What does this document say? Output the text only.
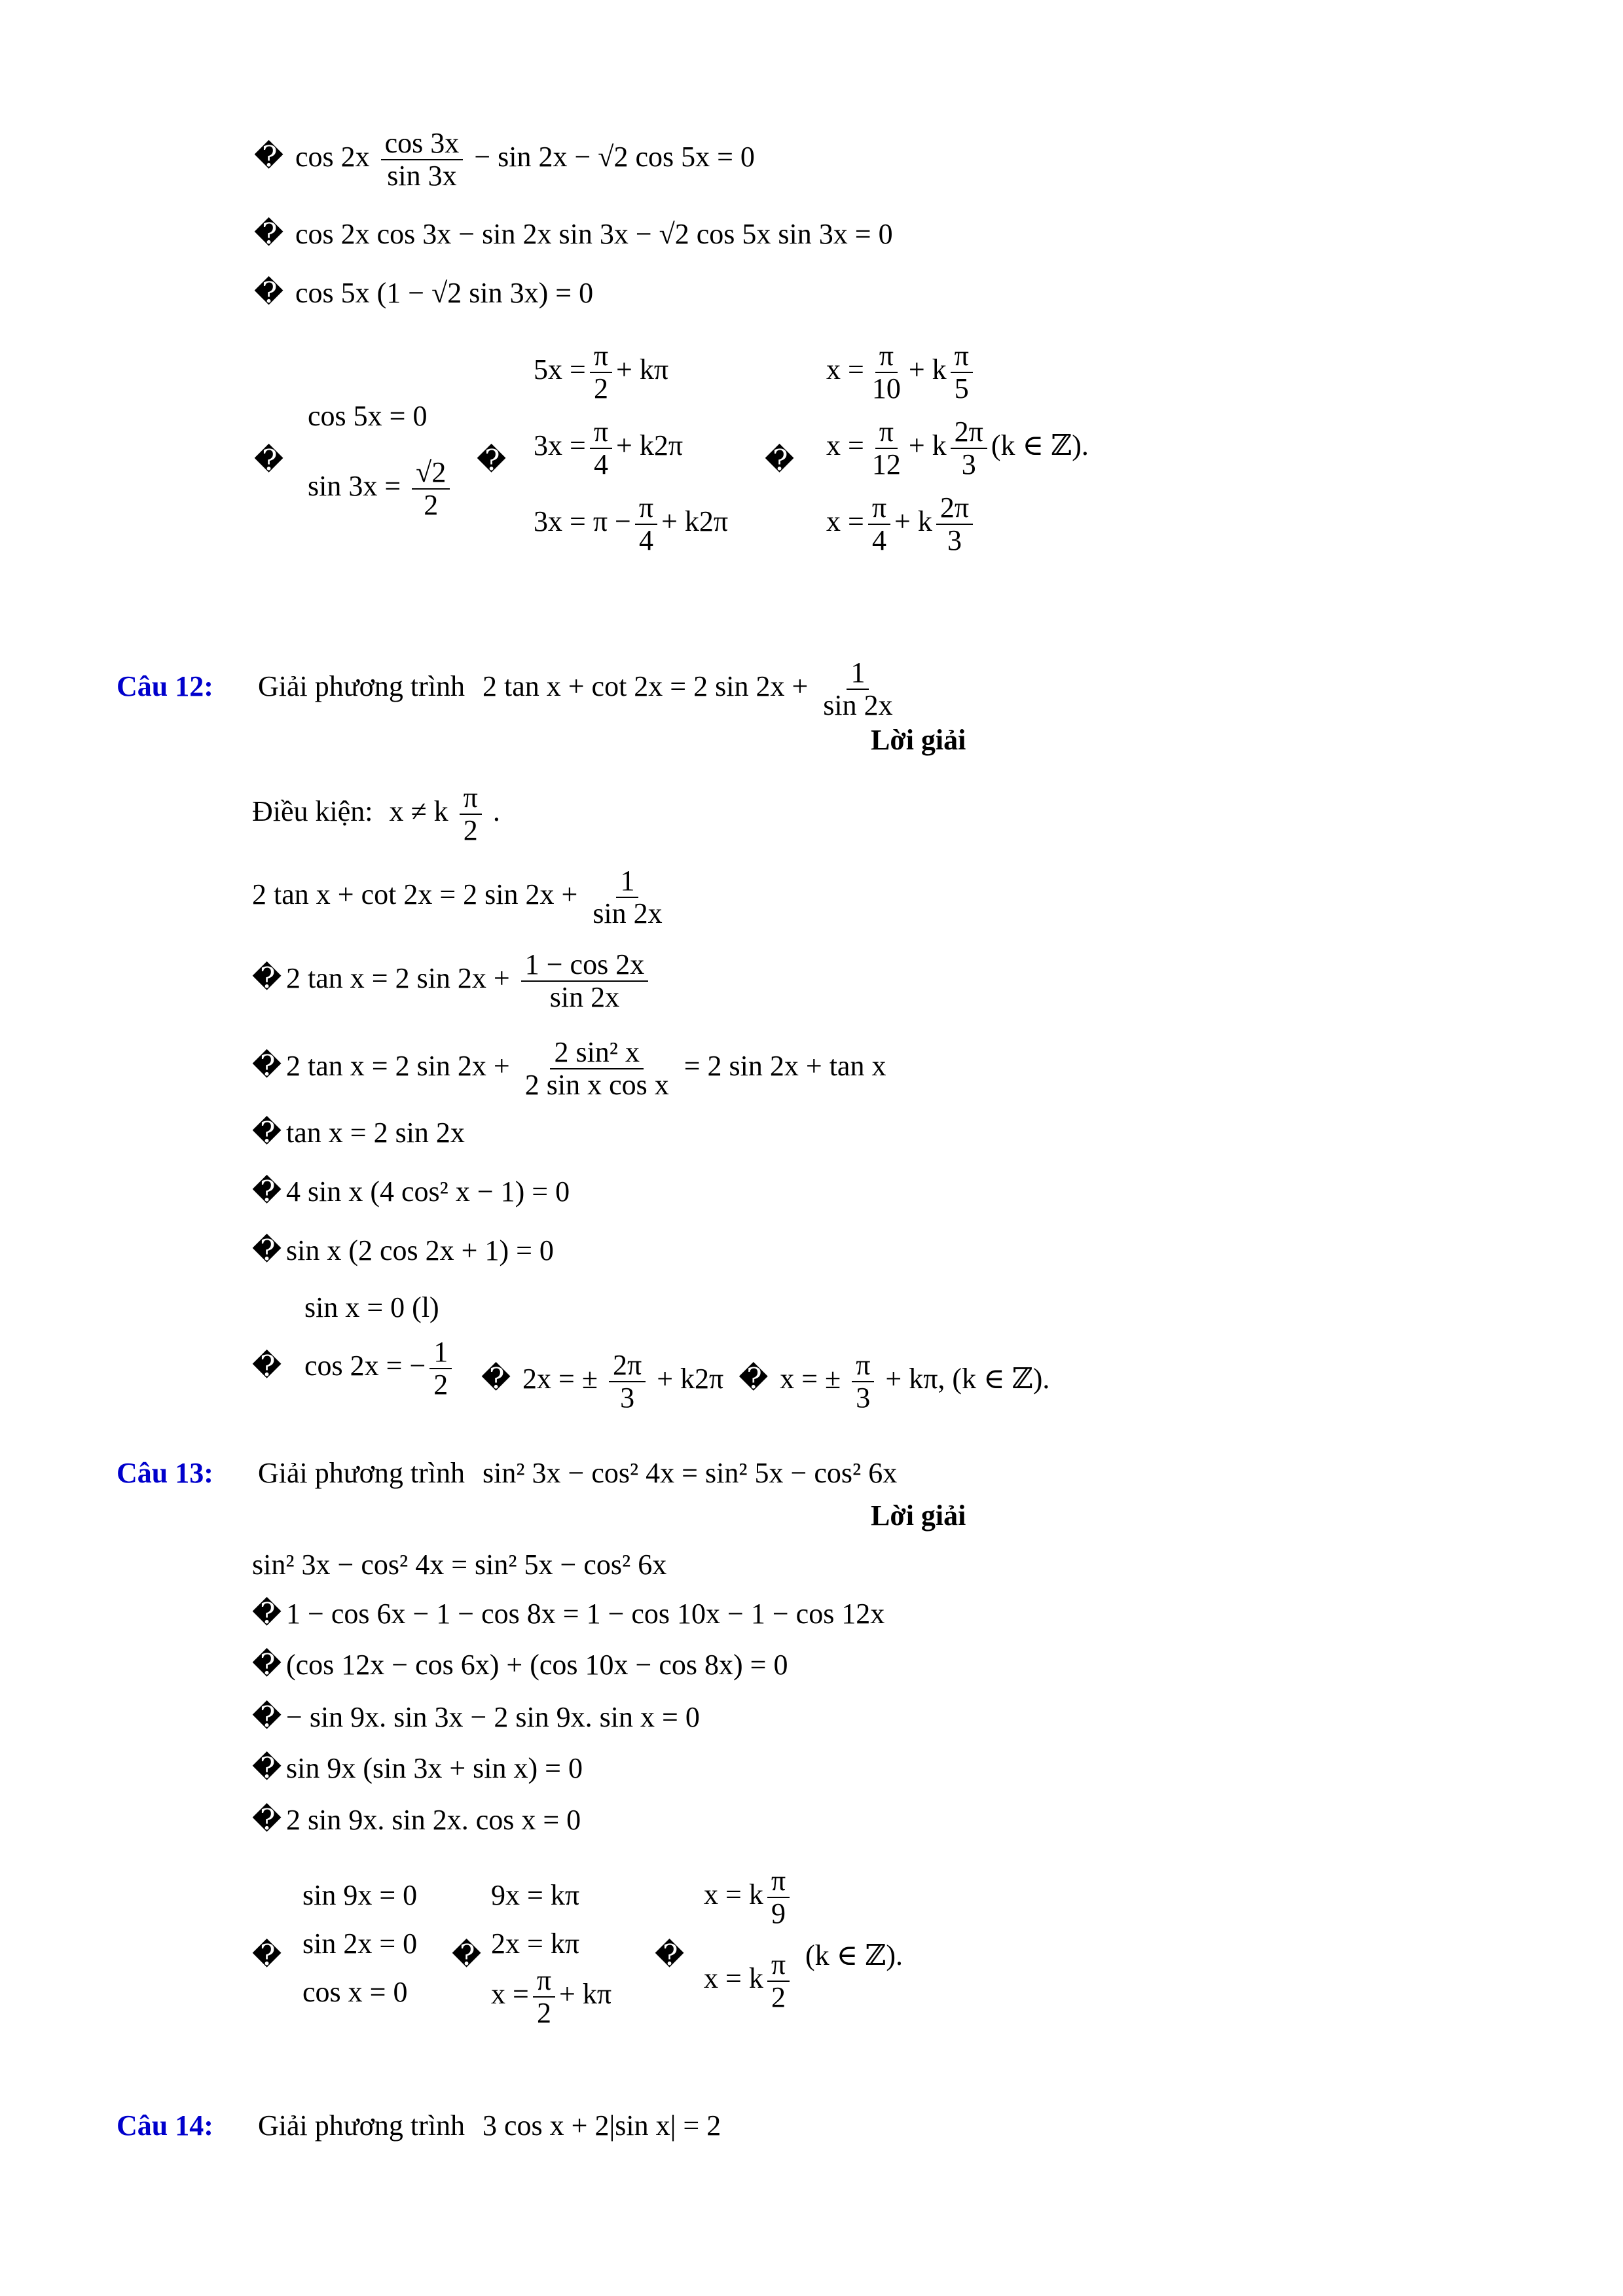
� $\cos 2x \frac{\cos 3x}{\sin 3x} - \sin 2x - √2$ cos 5x = 0
� cos 2x cos 3x − sin 2x sin 3x − √2 cos 5x sin 3x = 0
� cos 5x (1 − √2 sin 3x) = 0
�
cos 5x = 0
$\sin 3x = \frac{√2}{2}$ �
$5x = \frac{\pi}{2} + k\pi$
$3x = \frac{\pi}{4} + k2\pi$
$3x = \pi - \frac{\pi}{4} + k2\pi$
�
$x = \frac{\pi}{10} + k \frac{\pi}{5}$
$x = \frac{\pi}{12} + k \frac{2\pi}{3} (k$ ∈ ℤ).
$x = \frac{\pi}{4} + k \frac{2\pi}{3}$
Câu 12: Giải phương trình 2 tan x + cot 2x = 2 $\sin 2x + \frac{1}{\sin 2x}$
Lời giải
Điều kiện: x ≠ k $\frac{\pi}{2}$ .
2 tan x + cot 2x = 2 $\sin 2x + \frac{1}{\sin 2x}$
� 2 tan x = 2 $\sin 2x + \frac{1 - \cos 2x}{\sin 2x}$
� 2 tan x = 2 $\sin 2x + \frac{\text{2 sin² x}}{\text{2 sin x cos x}} = 2$ sin 2x + tan x
� tan x = 2 sin 2x
� 4 sin x (4 cos² x − 1) = 0
� sin x (2 cos 2x + 1) = 0
�
sin x = 0 (l)
cos 2x = − $\frac{1}{2}$ � 2x = ± $\frac{2\pi}{3} + k2\pi$ � x = ± $\frac{\pi}{3} + k\pi$, (k ∈ ℤ).
Câu 13: Giải phương trình sin² 3x − cos² 4x = sin² 5x − cos² 6x
Lời giải
sin² 3x − cos² 4x = sin² 5x − cos² 6x
� 1 − cos 6x − 1 − cos 8x = 1 − cos 10x − 1 − cos 12x
� (cos 12x − cos 6x) + (cos 10x − cos 8x) = 0
� − sin 9x. sin 3x − 2 sin 9x. sin x = 0
� sin 9x (sin 3x + sin x) = 0
� 2 sin 9x. sin 2x. cos x = 0
�
sin 9x = 0
sin 2x = 0
cos x = 0
�
9x = kπ
2x = kπ
$x = \frac{\pi}{2} + k\pi$
�
x = k $\frac{\pi}{9}$
x = k $\frac{\pi}{2} (k$ ∈ ℤ).
Câu 14: Giải phương trình 3 cos x + 2|sin x| = 2
